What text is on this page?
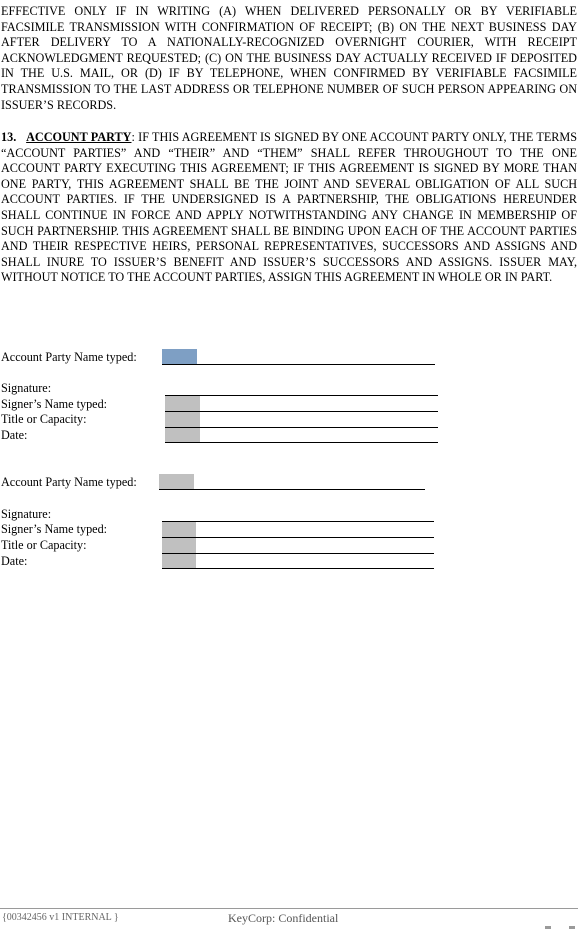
EFFECTIVE ONLY IF IN WRITING (A) WHEN DELIVERED PERSONALLY OR BY VERIFIABLE FACSIMILE TRANSMISSION WITH CONFIRMATION OF RECEIPT; (B) ON THE NEXT BUSINESS DAY AFTER DELIVERY TO A NATIONALLY-RECOGNIZED OVERNIGHT COURIER, WITH RECEIPT ACKNOWLEDGMENT REQUESTED; (C) ON THE BUSINESS DAY ACTUALLY RECEIVED IF DEPOSITED IN THE U.S. MAIL, OR (D) IF BY TELEPHONE, WHEN CONFIRMED BY VERIFIABLE FACSIMILE TRANSMISSION TO THE LAST ADDRESS OR TELEPHONE NUMBER OF SUCH PERSON APPEARING ON ISSUER’S RECORDS.

13. ACCOUNT PARTY: IF THIS AGREEMENT IS SIGNED BY ONE ACCOUNT PARTY ONLY, THE TERMS “ACCOUNT PARTIES” AND “THEIR” AND “THEM” SHALL REFER THROUGHOUT TO THE ONE ACCOUNT PARTY EXECUTING THIS AGREEMENT; IF THIS AGREEMENT IS SIGNED BY MORE THAN ONE PARTY, THIS AGREEMENT SHALL BE THE JOINT AND SEVERAL OBLIGATION OF ALL SUCH ACCOUNT PARTIES. IF THE UNDERSIGNED IS A PARTNERSHIP, THE OBLIGATIONS HEREUNDER SHALL CONTINUE IN FORCE AND APPLY NOTWITHSTANDING ANY CHANGE IN MEMBERSHIP OF SUCH PARTNERSHIP. THIS AGREEMENT SHALL BE BINDING UPON EACH OF THE ACCOUNT PARTIES AND THEIR RESPECTIVE HEIRS, PERSONAL REPRESENTATIVES, SUCCESSORS AND ASSIGNS AND SHALL INURE TO ISSUER’S BENEFIT AND ISSUER’S SUCCESSORS AND ASSIGNS. ISSUER MAY, WITHOUT NOTICE TO THE ACCOUNT PARTIES, ASSIGN THIS AGREEMENT IN WHOLE OR IN PART.

Account Party Name typed:
Signature:
Signer’s Name typed:
Title or Capacity:
Date:
Account Party Name typed:
Signature:
Signer’s Name typed:
Title or Capacity:
Date:
{00342456 v1 INTERNAL }	KeyCorp: Confidential
